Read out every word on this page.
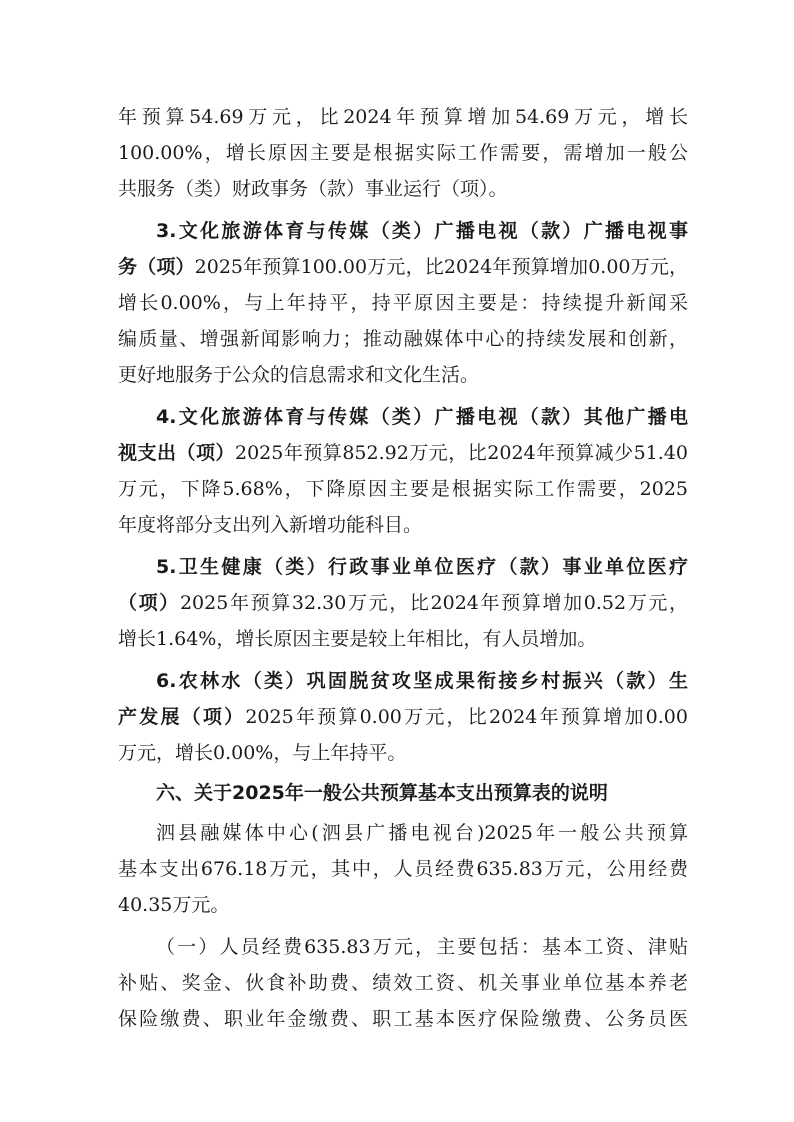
年预算54.69万元，比2024年预算增加54.69万元，增长
100.00%，增长原因主要是根据实际工作需要，需增加一般公
共服务（类）财政事务（款）事业运行（项）。
3.文化旅游体育与传媒（类）广播电视（款）广播电视事
务（项）2025年预算100.00万元，比2024年预算增加0.00万元，
增长0.00%，与上年持平，持平原因主要是：持续提升新闻采
编质量、增强新闻影响力；推动融媒体中心的持续发展和创新，
更好地服务于公众的信息需求和文化生活。
4.文化旅游体育与传媒（类）广播电视（款）其他广播电
视支出（项）2025年预算852.92万元，比2024年预算减少51.40
万元，下降5.68%，下降原因主要是根据实际工作需要，2025
年度将部分支出列入新增功能科目。
5.卫生健康（类）行政事业单位医疗（款）事业单位医疗
（项）2025年预算32.30万元，比2024年预算增加0.52万元，
增长1.64%，增长原因主要是较上年相比，有人员增加。
6.农林水（类）巩固脱贫攻坚成果衔接乡村振兴（款）生
产发展（项）2025年预算0.00万元，比2024年预算增加0.00
万元，增长0.00%，与上年持平。
六、关于2025年一般公共预算基本支出预算表的说明
泗县融媒体中心(泗县广播电视台)2025年一般公共预算
基本支出676.18万元，其中，人员经费635.83万元，公用经费
40.35万元。
（一）人员经费635.83万元，主要包括：基本工资、津贴
补贴、奖金、伙食补助费、绩效工资、机关事业单位基本养老
保险缴费、职业年金缴费、职工基本医疗保险缴费、公务员医
